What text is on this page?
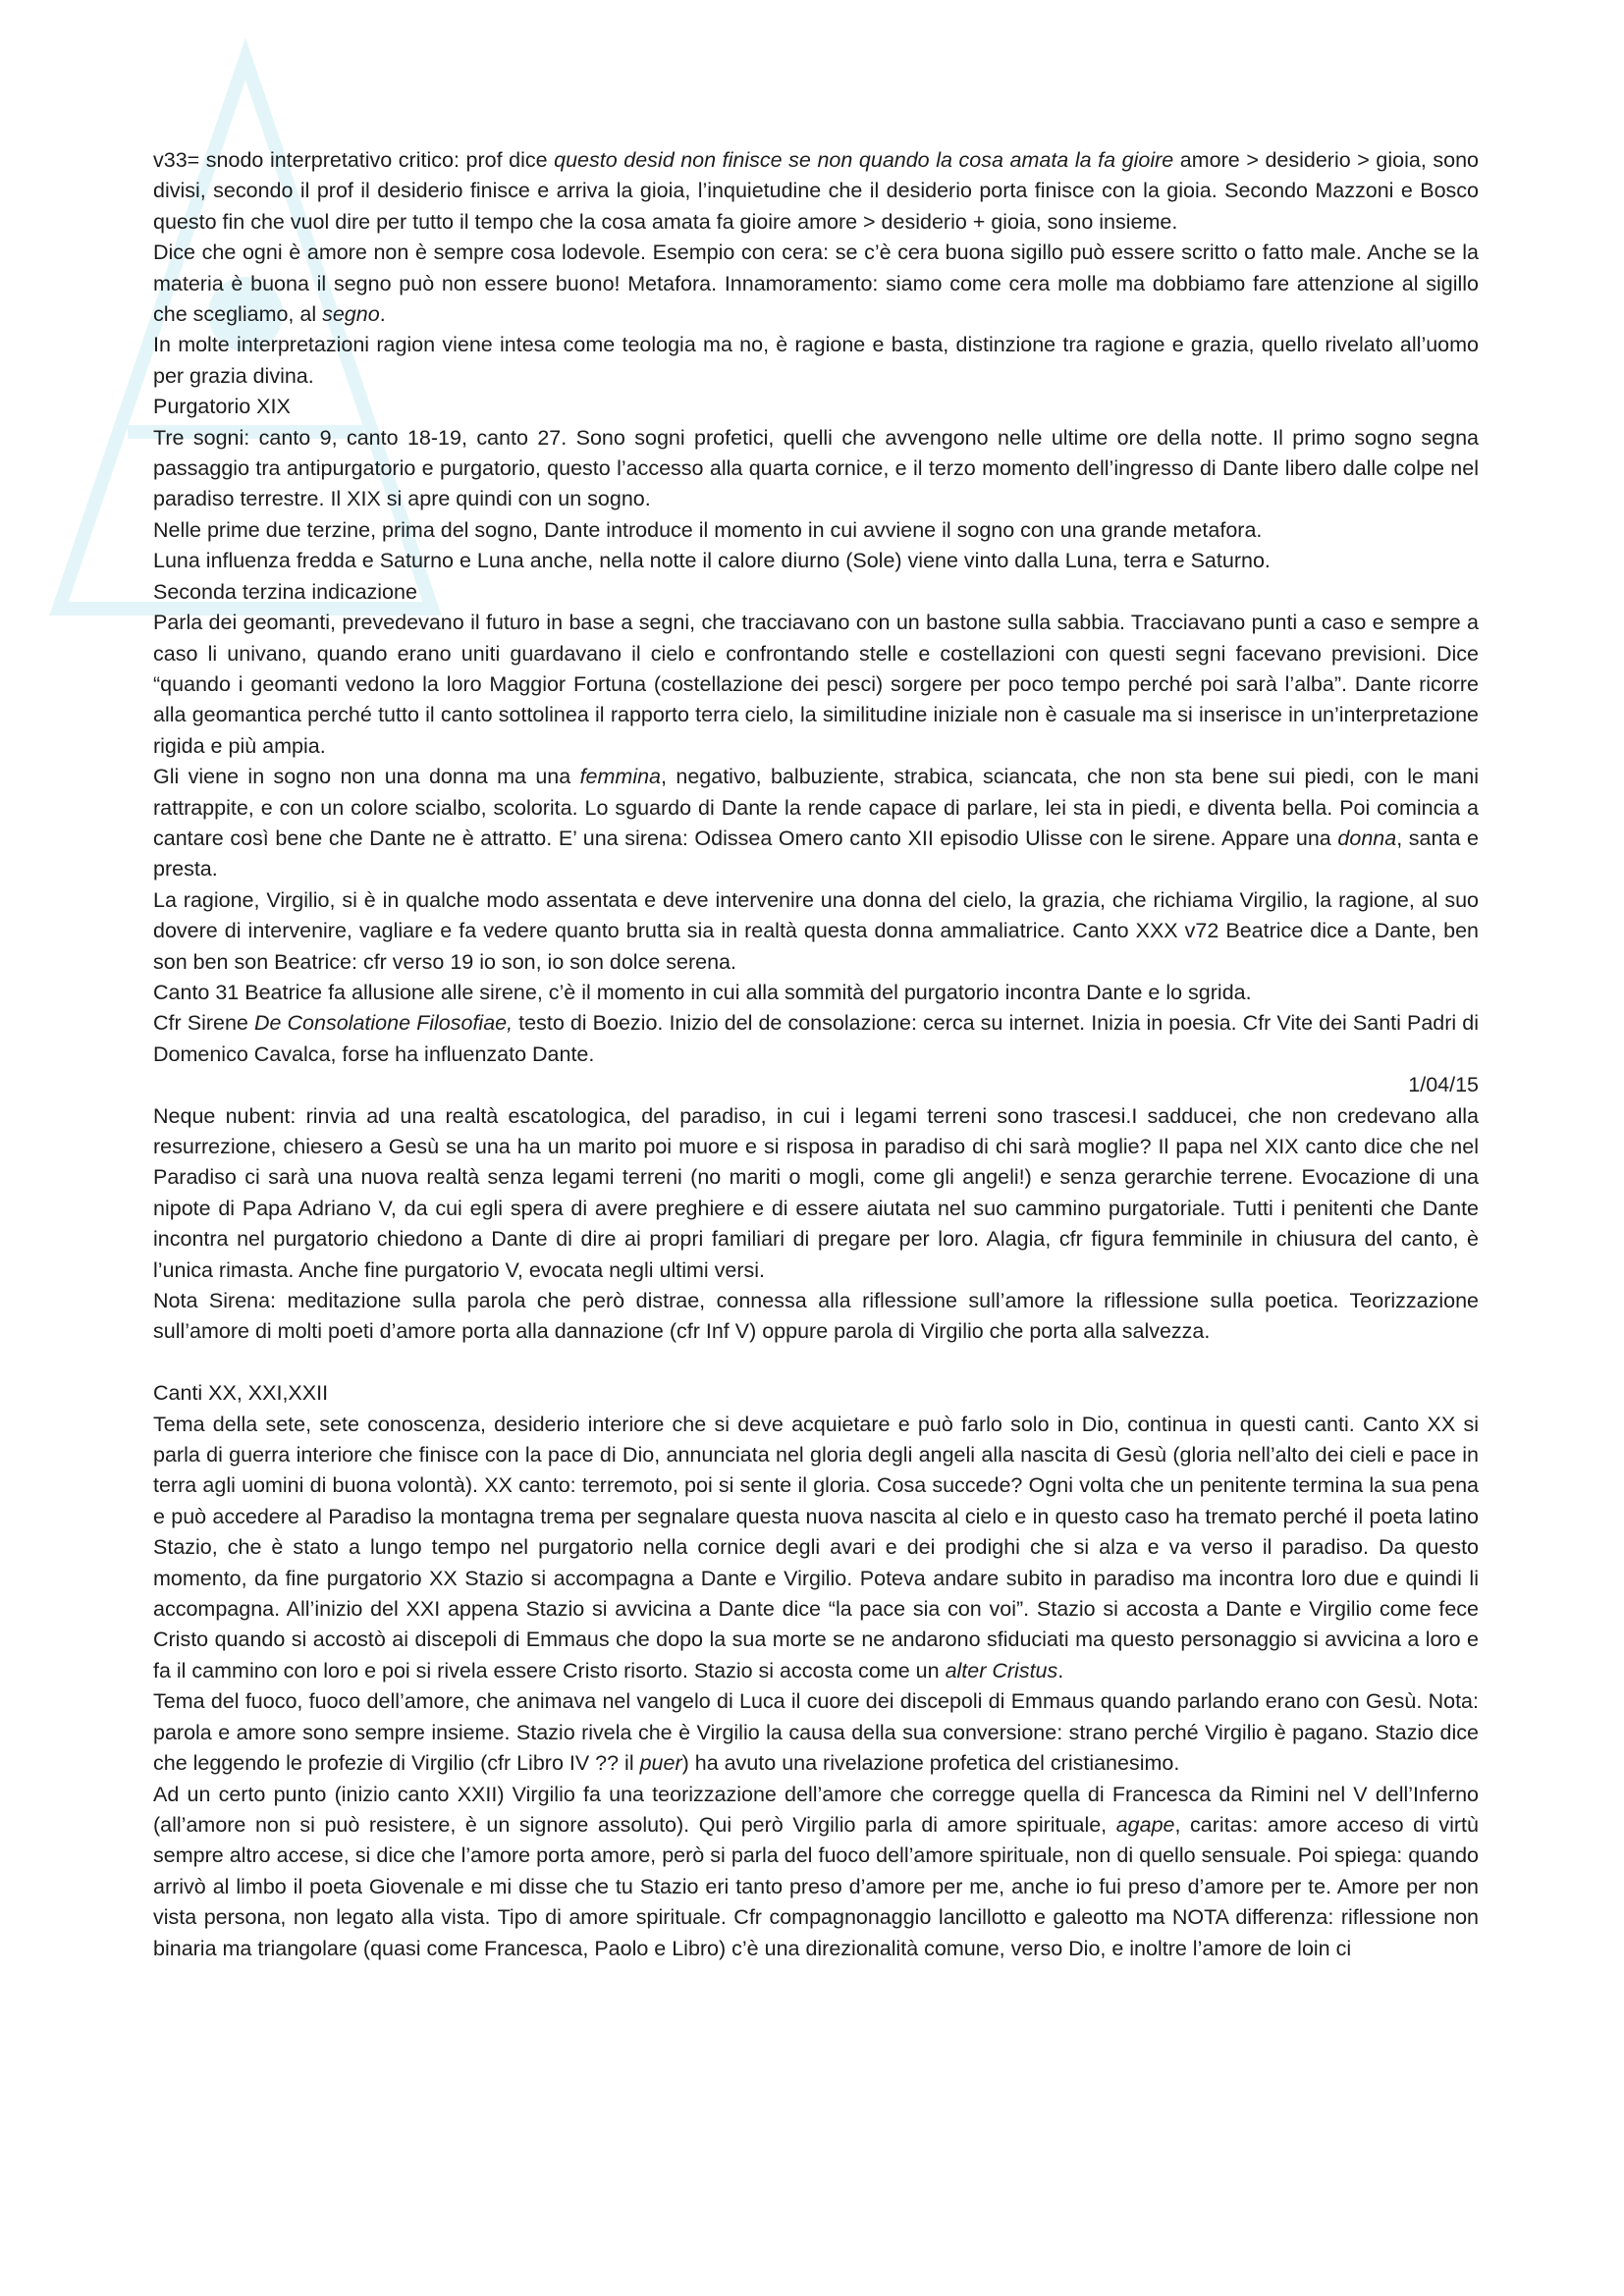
v33= snodo interpretativo critico: prof dice questo desid non finisce se non quando la cosa amata la fa gioire amore > desiderio > gioia, sono divisi, secondo il prof il desiderio finisce e arriva la gioia, l’inquietudine che il desiderio porta finisce con la gioia. Secondo Mazzoni e Bosco questo fin che vuol dire per tutto il tempo che la cosa amata fa gioire amore > desiderio + gioia, sono insieme.

Dice che ogni è amore non è sempre cosa lodevole. Esempio con cera: se c’è cera buona sigillo può essere scritto o fatto male. Anche se la materia è buona il segno può non essere buono! Metafora. Innamoramento: siamo come cera molle ma dobbiamo fare attenzione al sigillo che scegliamo, al segno.

In molte interpretazioni ragion viene intesa come teologia ma no, è ragione e basta, distinzione tra ragione e grazia, quello rivelato all’uomo per grazia divina.

Purgatorio XIX

Tre sogni: canto 9, canto 18-19, canto 27. Sono sogni profetici, quelli che avvengono nelle ultime ore della notte. Il primo sogno segna passaggio tra antipurgatorio e purgatorio, questo l’accesso alla quarta cornice, e il terzo momento dell’ingresso di Dante libero dalle colpe nel paradiso terrestre. Il XIX si apre quindi con un sogno.

Nelle prime due terzine, prima del sogno, Dante introduce il momento in cui avviene il sogno con una grande metafora.

Luna influenza fredda e Saturno e Luna anche, nella notte il calore diurno (Sole) viene vinto dalla Luna, terra e Saturno.

Seconda terzina indicazione

Parla dei geomanti, prevedevano il futuro in base a segni, che tracciavano con un bastone sulla sabbia. Tracciavano punti a caso e sempre a caso li univano, quando erano uniti guardavano il cielo e confrontando stelle e costellazioni con questi segni facevano previsioni. Dice “quando i geomanti vedono la loro Maggior Fortuna (costellazione dei pesci) sorgere per poco tempo perché poi sarà l’alba”. Dante ricorre alla geomantica perché tutto il canto sottolinea il rapporto terra cielo, la similitudine iniziale non è casuale ma si inserisce in un’interpretazione rigida e più ampia.

Gli viene in sogno non una donna ma una femmina, negativo, balbuziente, strabica, sciancata, che non sta bene sui piedi, con le mani rattrappite, e con un colore scialbo, scolorita. Lo sguardo di Dante la rende capace di parlare, lei sta in piedi, e diventa bella. Poi comincia a cantare così bene che Dante ne è attratto. E’ una sirena: Odissea Omero canto XII episodio Ulisse con le sirene. Appare una donna, santa e presta.

La ragione, Virgilio, si è in qualche modo assentata e deve intervenire una donna del cielo, la grazia, che richiama Virgilio, la ragione, al suo dovere di intervenire, vagliare e fa vedere quanto brutta sia in realtà questa donna ammaliatrice. Canto XXX v72 Beatrice dice a Dante, ben son ben son Beatrice: cfr verso 19 io son, io son dolce serena.

Canto 31 Beatrice fa allusione alle sirene, c’è il momento in cui alla sommità del purgatorio incontra Dante e lo sgrida.

Cfr Sirene De Consolatione Filosofiae, testo di Boezio. Inizio del de consolazione: cerca su internet. Inizia in poesia. Cfr Vite dei Santi Padri di Domenico Cavalca, forse ha influenzato Dante.

1/04/15

Neque nubent: rinvia ad una realtà escatologica, del paradiso, in cui i legami terreni sono trascesi.I sadducei, che non credevano alla resurrezione, chiesero a Gesù se una ha un marito poi muore e si risposa in paradiso di chi sarà moglie? Il papa nel XIX canto dice che nel Paradiso ci sarà una nuova realtà senza legami terreni (no mariti o mogli, come gli angeli!) e senza gerarchie terrene. Evocazione di una nipote di Papa Adriano V, da cui egli spera di avere preghiere e di essere aiutata nel suo cammino purgatoriale. Tutti i penitenti che Dante incontra nel purgatorio chiedono a Dante di dire ai propri familiari di pregare per loro. Alagia, cfr figura femminile in chiusura del canto, è l’unica rimasta. Anche fine purgatorio V, evocata negli ultimi versi.

Nota Sirena: meditazione sulla parola che però distrae, connessa alla riflessione sull’amore la riflessione sulla poetica. Teorizzazione sull’amore di molti poeti d’amore porta alla dannazione (cfr Inf V) oppure parola di Virgilio che porta alla salvezza.

Canti XX, XXI,XXII

Tema della sete, sete conoscenza, desiderio interiore che si deve acquietare e può farlo solo in Dio, continua in questi canti. Canto XX si parla di guerra interiore che finisce con la pace di Dio, annunciata nel gloria degli angeli alla nascita di Gesù (gloria nell’alto dei cieli e pace in terra agli uomini di buona volontà). XX canto: terremoto, poi si sente il gloria. Cosa succede? Ogni volta che un penitente termina la sua pena e può accedere al Paradiso la montagna trema per segnalare questa nuova nascita al cielo e in questo caso ha tremato perché il poeta latino Stazio, che è stato a lungo tempo nel purgatorio nella cornice degli avari e dei prodighi che si alza e va verso il paradiso. Da questo momento, da fine purgatorio XX Stazio si accompagna a Dante e Virgilio. Poteva andare subito in paradiso ma incontra loro due e quindi li accompagna. All’inizio del XXI appena Stazio si avvicina a Dante dice “la pace sia con voi”. Stazio si accosta a Dante e Virgilio come fece Cristo quando si accostò ai discepoli di Emmaus che dopo la sua morte se ne andarono sfiduciati ma questo personaggio si avvicina a loro e fa il cammino con loro e poi si rivela essere Cristo risorto. Stazio si accosta come un alter Cristus.

Tema del fuoco, fuoco dell’amore, che animava nel vangelo di Luca il cuore dei discepoli di Emmaus quando parlando erano con Gesù. Nota: parola e amore sono sempre insieme. Stazio rivela che è Virgilio la causa della sua conversione: strano perché Virgilio è pagano. Stazio dice che leggendo le profezie di Virgilio (cfr Libro IV ?? il puer) ha avuto una rivelazione profetica del cristianesimo.

Ad un certo punto (inizio canto XXII) Virgilio fa una teorizzazione dell’amore che corregge quella di Francesca da Rimini nel V dell’Inferno (all’amore non si può resistere, è un signore assoluto). Qui però Virgilio parla di amore spirituale, agape, caritas: amore acceso di virtù sempre altro accese, si dice che l’amore porta amore, però si parla del fuoco dell’amore spirituale, non di quello sensuale. Poi spiega: quando arrivò al limbo il poeta Giovenale e mi disse che tu Stazio eri tanto preso d’amore per me, anche io fui preso d’amore per te. Amore per non vista persona, non legato alla vista. Tipo di amore spirituale. Cfr compagnonaggio lancillotto e galeotto ma NOTA differenza: riflessione non binaria ma triangolare (quasi come Francesca, Paolo e Libro) c’è una direzionalità comune, verso Dio, e inoltre l’amore de loin ci
